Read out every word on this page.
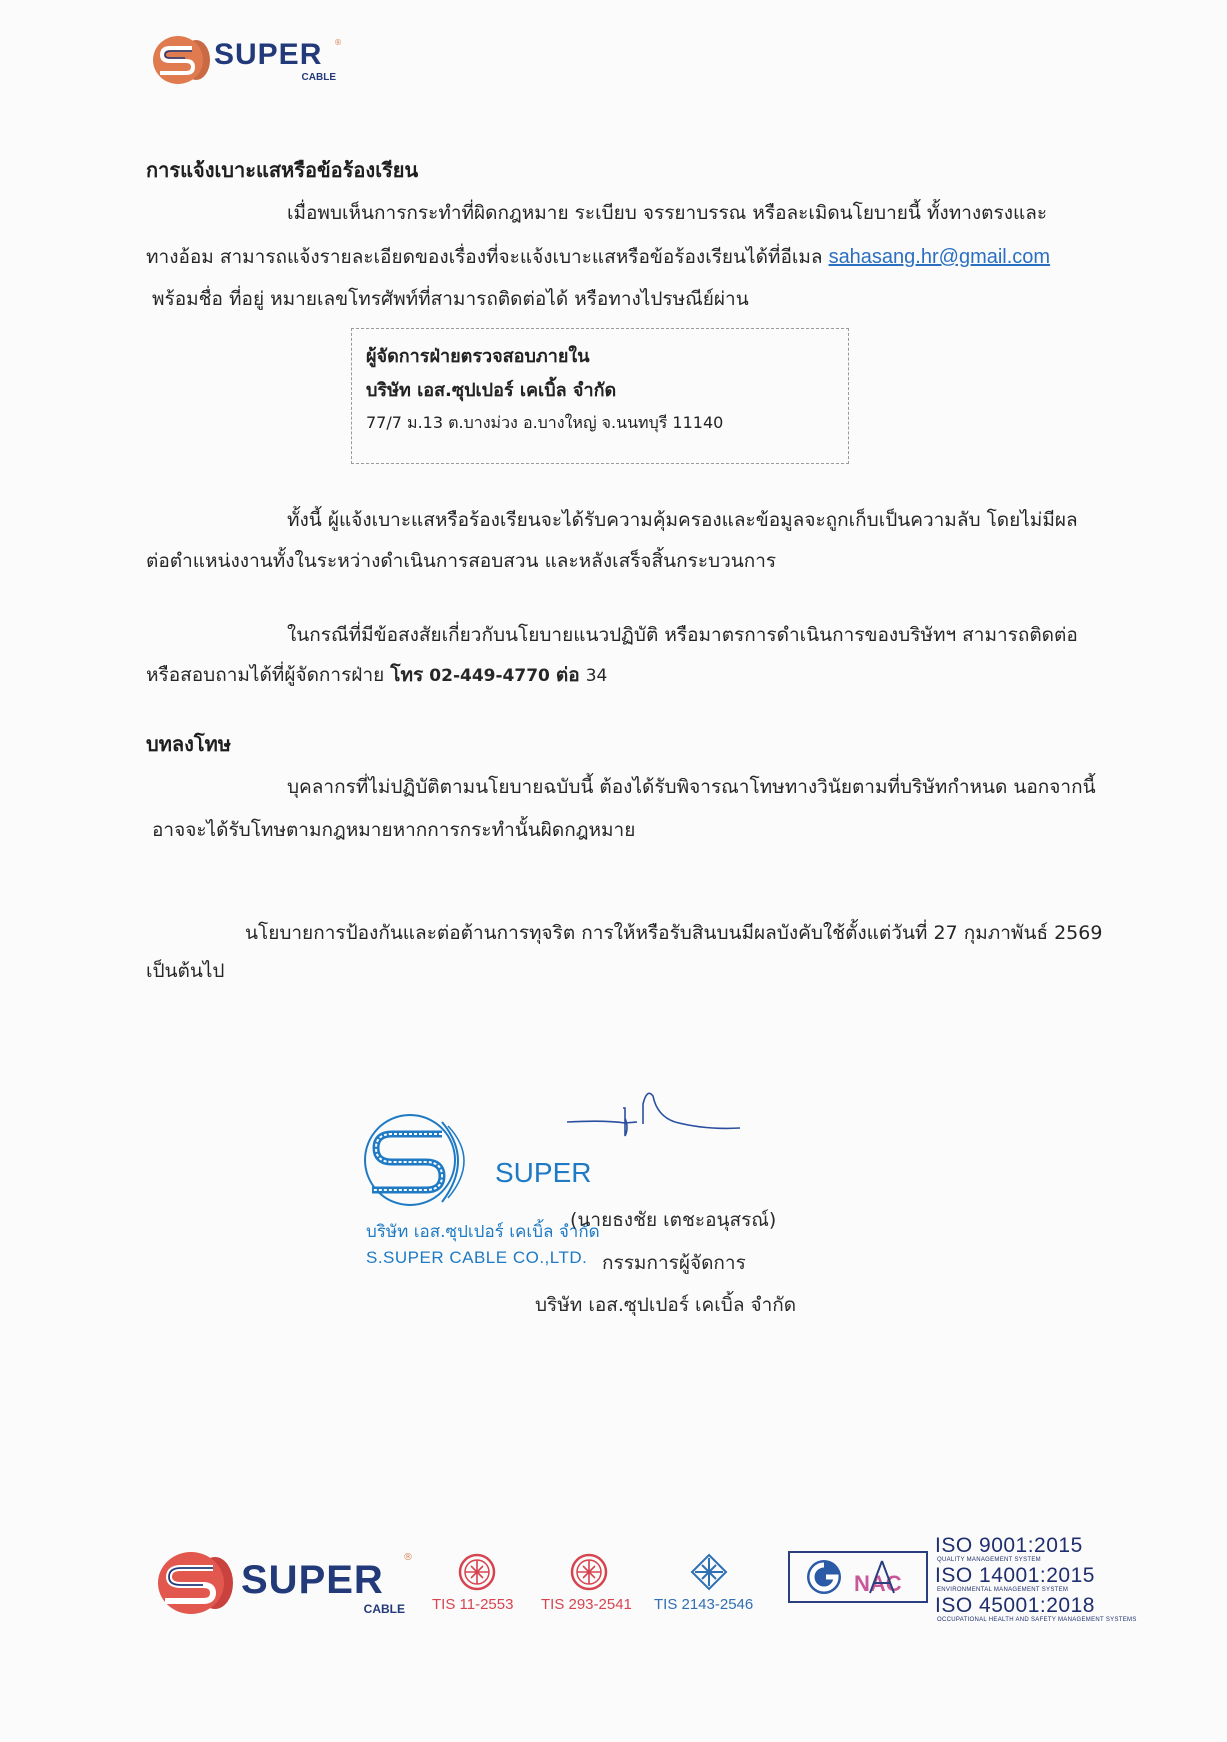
SUPER
CABLE
®
การแจ้งเบาะแสหรือข้อร้องเรียน
เมื่อพบเห็นการกระทำที่ผิดกฎหมาย ระเบียบ จรรยาบรรณ หรือละเมิดนโยบายนี้ ทั้งทางตรงและ
ทางอ้อม สามารถแจ้งรายละเอียดของเรื่องที่จะแจ้งเบาะแสหรือข้อร้องเรียนได้ที่อีเมล sahasang.hr@gmail.com
พร้อมชื่อ ที่อยู่ หมายเลขโทรศัพท์ที่สามารถติดต่อได้ หรือทางไปรษณีย์ผ่าน
ผู้จัดการฝ่ายตรวจสอบภายใน
บริษัท เอส.ซุปเปอร์ เคเบิ้ล จำกัด
77/7 ม.13 ต.บางม่วง อ.บางใหญ่ จ.นนทบุรี 11140
ทั้งนี้ ผู้แจ้งเบาะแสหรือร้องเรียนจะได้รับความคุ้มครองและข้อมูลจะถูกเก็บเป็นความลับ โดยไม่มีผล
ต่อตำแหน่งงานทั้งในระหว่างดำเนินการสอบสวน และหลังเสร็จสิ้นกระบวนการ
ในกรณีที่มีข้อสงสัยเกี่ยวกับนโยบายแนวปฏิบัติ หรือมาตรการดำเนินการของบริษัทฯ สามารถติดต่อ
หรือสอบถามได้ที่ผู้จัดการฝ่าย โทร 02-449-4770 ต่อ 34
บทลงโทษ
บุคลากรที่ไม่ปฏิบัติตามนโยบายฉบับนี้ ต้องได้รับพิจารณาโทษทางวินัยตามที่บริษัทกำหนด นอกจากนี้
อาจจะได้รับโทษตามกฎหมายหากการกระทำนั้นผิดกฎหมาย
นโยบายการป้องกันและต่อต้านการทุจริต การให้หรือรับสินบนมีผลบังคับใช้ตั้งแต่วันที่ 27 กุมภาพันธ์ 2569
เป็นต้นไป
SUPER
บริษัท เอส.ซุปเปอร์ เคเบิ้ล จำกัด
S.SUPER CABLE CO.,LTD.
(นายธงชัย เตชะอนุสรณ์)
กรรมการผู้จัดการ
บริษัท เอส.ซุปเปอร์ เคเบิ้ล จำกัด
SUPER
CABLE
®
TIS 11-2553 TIS 293-2541 TIS 2143-2546
NAC
ISO 9001:2015
QUALITY MANAGEMENT SYSTEM
ISO 14001:2015
ENVIRONMENTAL MANAGEMENT SYSTEM
ISO 45001:2018
OCCUPATIONAL HEALTH AND SAFETY MANAGEMENT SYSTEMS
